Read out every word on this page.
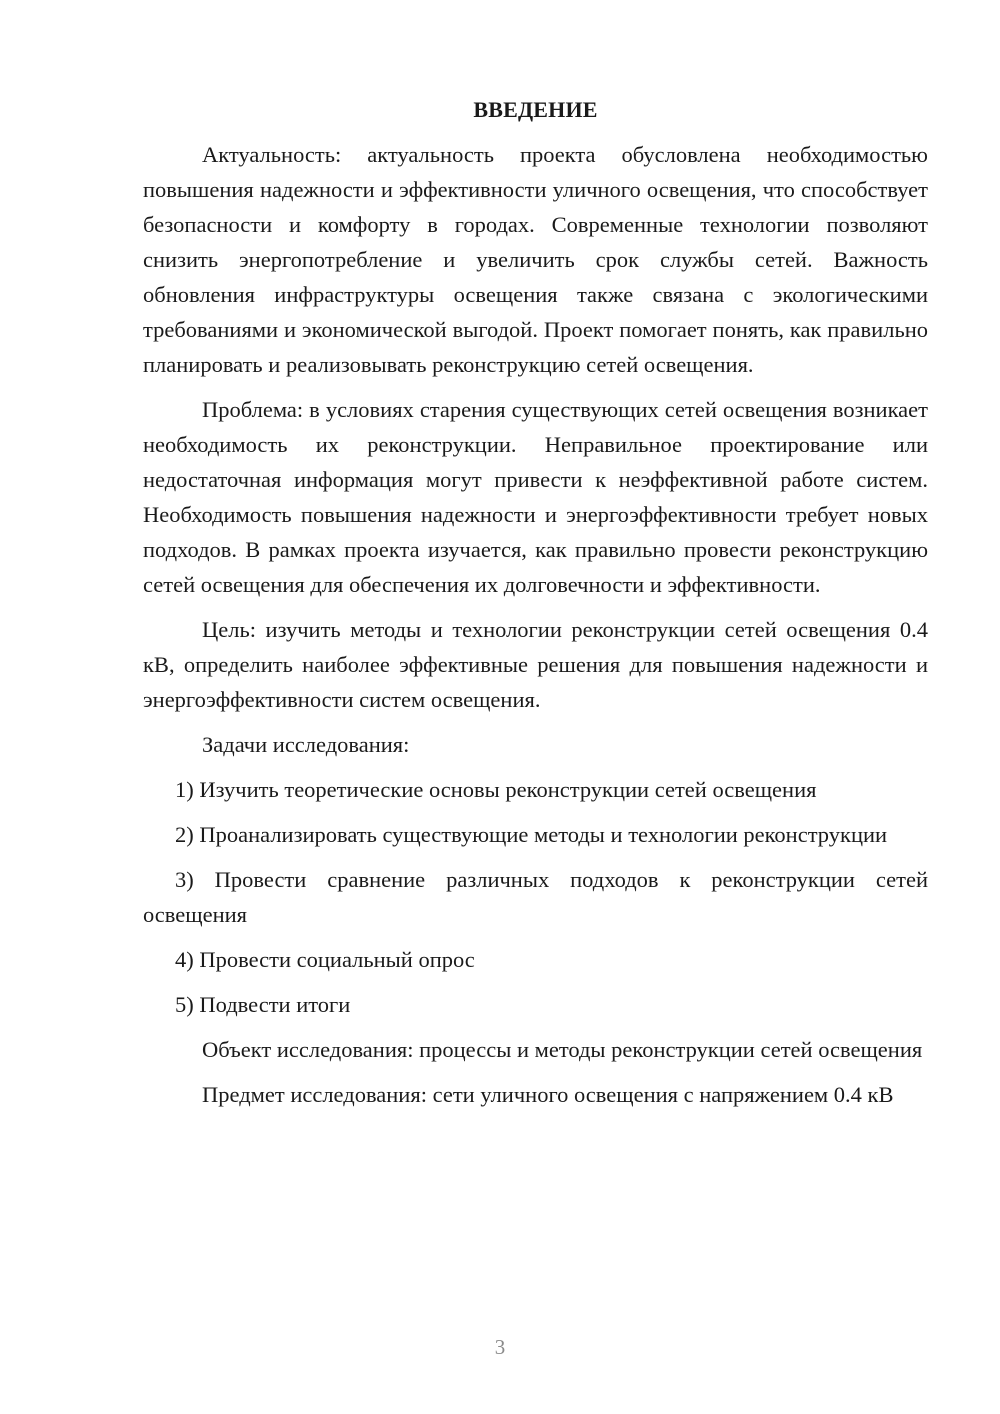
ВВЕДЕНИЕ

Актуальность: актуальность проекта обусловлена необходимостью повышения надежности и эффективности уличного освещения, что способствует безопасности и комфорту в городах. Современные технологии позволяют снизить энергопотребление и увеличить срок службы сетей. Важность обновления инфраструктуры освещения также связана с экологическими требованиями и экономической выгодой. Проект помогает понять, как правильно планировать и реализовывать реконструкцию сетей освещения.

Проблема: в условиях старения существующих сетей освещения возникает необходимость их реконструкции. Неправильное проектирование или недостаточная информация могут привести к неэффективной работе систем. Необходимость повышения надежности и энергоэффективности требует новых подходов. В рамках проекта изучается, как правильно провести реконструкцию сетей освещения для обеспечения их долговечности и эффективности.

Цель: изучить методы и технологии реконструкции сетей освещения 0.4 кВ, определить наиболее эффективные решения для повышения надежности и энергоэффективности систем освещения.

Задачи исследования:

1) Изучить теоретические основы реконструкции сетей освещения

2) Проанализировать существующие методы и технологии реконструкции

3) Провести сравнение различных подходов к реконструкции сетей освещения

4) Провести социальный опрос

5) Подвести итоги

Объект исследования: процессы и методы реконструкции сетей освещения

Предмет исследования: сети уличного освещения с напряжением 0.4 кВ

3
